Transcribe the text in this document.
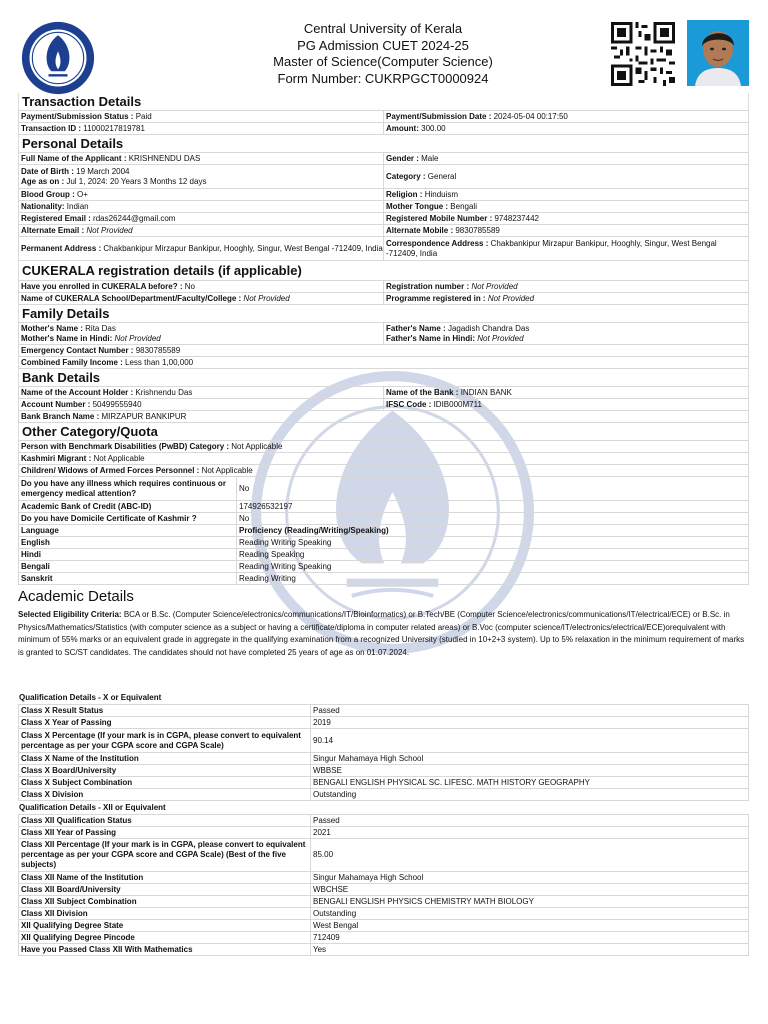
Central University of Kerala
PG Admission CUET 2024-25
Master of Science(Computer Science)
Form Number: CUKRPGCT0000924
Transaction Details
Payment/Submission Status : Paid	Payment/Submission Date : 2024-05-04 00:17:50
Transaction ID : 11000217819781	Amount: 300.00
Personal Details
Full Name of the Applicant : KRISHNENDU DAS	Gender : Male
Date of Birth : 19 March 2004
Age as on : Jul 1, 2024: 20 Years 3 Months 12 days	Category : General
Blood Group : O+	Religion : Hinduism
Nationality: Indian	Mother Tongue : Bengali
Registered Email : rdas26244@gmail.com	Registered Mobile Number : 9748237442
Alternate Email : Not Provided	Alternate Mobile : 9830785589
Permanent Address : Chakbankipur Mirzapur Bankipur, Hooghly, Singur, West Bengal -712409, India	Correspondence Address : Chakbankipur Mirzapur Bankipur, Hooghly, Singur, West Bengal -712409, India
CUKERALA registration details (if applicable)
Have you enrolled in CUKERALA before? : No	Registration number : Not Provided
Name of CUKERALA School/Department/Faculty/College : Not Provided	Programme registered in : Not Provided
Family Details
Mother's Name : Rita Das
Mother's Name in Hindi: Not Provided	Father's Name : Jagadish Chandra Das
Father's Name in Hindi: Not Provided
Emergency Contact Number : 9830785589
Combined Family Income : Less than 1,00,000
Bank Details
Name of the Account Holder : Krishnendu Das	Name of the Bank : INDIAN BANK
Account Number : 50499555940	IFSC Code : IDIB000M711
Bank Branch Name : MIRZAPUR BANKIPUR	
Other Category/Quota
Person with Benchmark Disabilities (PwBD) Category : Not Applicable	
Kashmiri Migrant : Not Applicable	
Children/ Widows of Armed Forces Personnel : Not Applicable	
Do you have any illness which requires continuous or emergency medical attention?	No
Academic Bank of Credit (ABC-ID)	174926532197
Do you have Domicile Certificate of Kashmir ?	No
Language	Proficiency (Reading/Writing/Speaking)
English	Reading Writing Speaking
Hindi	Reading Speaking
Bengali	Reading Writing Speaking
Sanskrit	Reading Writing
Academic Details
Selected Eligibility Criteria: BCA or B.Sc. (Computer Science/electronics/communications/IT/Bioinformatics) or B.Tech/BE (Computer Science/electronics/communications/IT/electrical/ECE) or B.Sc. in Physics/Mathematics/Statistics (with computer science as a subject or having a certificate/diploma in computer related areas) or B.Voc (computer science/IT/electronics/electrical/ECE)orequivalent with minimum of 55% marks or an equivalent grade in aggregate in the qualifying examination from a recognized University (studied in 10+2+3 system). Up to 5% relaxation in the minimum requirement of marks is granted to SC/ST candidates. The candidates should not have completed 25 years of age as on 01.07.2024.
Qualification Details - X or Equivalent
Class X Result Status	Passed
Class X Year of Passing	2019
Class X Percentage (If your mark is in CGPA, please convert to equivalent percentage as per your CGPA score and CGPA Scale)	90.14
Class X Name of the Institution	Singur Mahamaya High School
Class X Board/University	WBBSE
Class X Subject Combination	BENGALI ENGLISH PHYSICAL SC. LIFESC. MATH HISTORY GEOGRAPHY
Class X Division	Outstanding
Qualification Details - XII or Equivalent
Class XII Qualification Status	Passed
Class XII Year of Passing	2021
Class XII Percentage (If your mark is in CGPA, please convert to equivalent percentage as per your CGPA score and CGPA Scale) (Best of the five subjects)	85.00
Class XII Name of the Institution	Singur Mahamaya High School
Class XII Board/University	WBCHSE
Class XII Subject Combination	BENGALI ENGLISH PHYSICS CHEMISTRY MATH BIOLOGY
Class XII Division	Outstanding
XII Qualifying Degree State	West Bengal
XII Qualifying Degree Pincode	712409
Have you Passed Class XII With Mathematics	Yes
